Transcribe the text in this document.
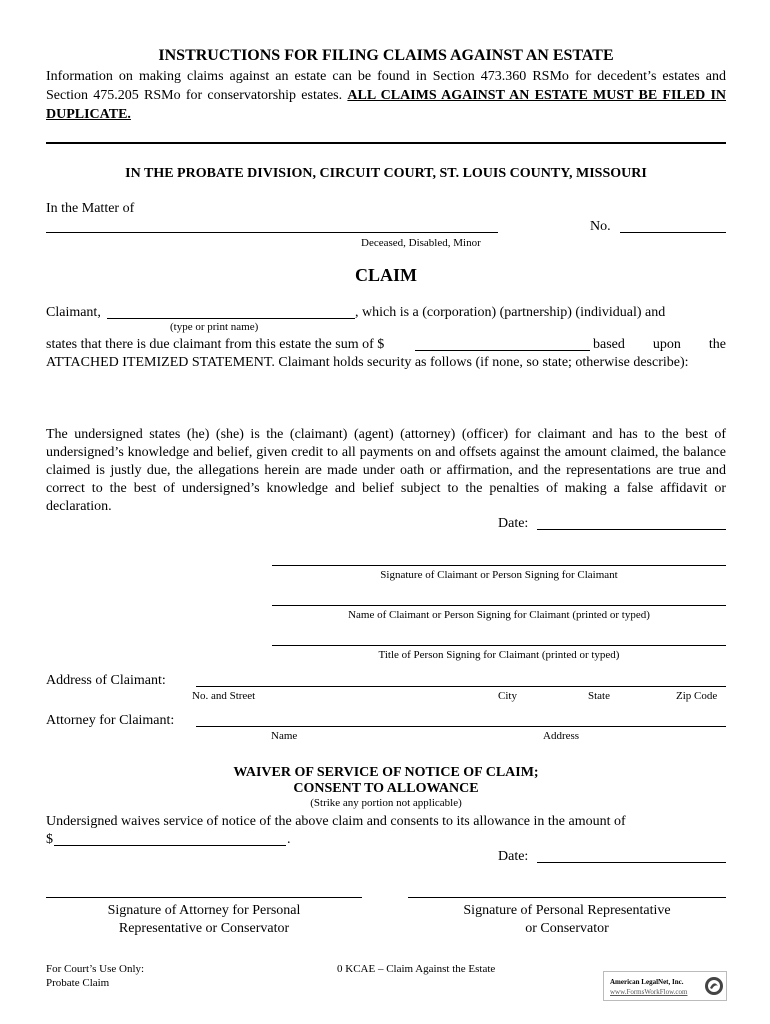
INSTRUCTIONS FOR FILING CLAIMS AGAINST AN ESTATE
Information on making claims against an estate can be found in Section 473.360 RSMo for decedent’s estates and Section 475.205 RSMo for conservatorship estates. ALL CLAIMS AGAINST AN ESTATE MUST BE FILED IN DUPLICATE.
IN THE PROBATE DIVISION, CIRCUIT COURT, ST. LOUIS COUNTY, MISSOURI
In the Matter of
No.
Deceased, Disabled, Minor
CLAIM
Claimant,	, which is a (corporation) (partnership) (individual) and
(type or print name)
states that there is due claimant from this estate the sum of $	based upon the
ATTACHED ITEMIZED STATEMENT. Claimant holds security as follows (if none, so state; otherwise describe):
The undersigned states (he) (she) is the (claimant) (agent) (attorney) (officer) for claimant and has to the best of undersigned’s knowledge and belief, given credit to all payments on and offsets against the amount claimed, the balance claimed is justly due, the allegations herein are made under oath or affirmation, and the representations are true and correct to the best of undersigned’s knowledge and belief subject to the penalties of making a false affidavit or declaration.
Date:
Signature of Claimant or Person Signing for Claimant
Name of Claimant or Person Signing for Claimant (printed or typed)
Title of Person Signing for Claimant (printed or typed)
Address of Claimant:
No. and Street	City	State	Zip Code
Attorney for Claimant:
Name	Address
WAIVER OF SERVICE OF NOTICE OF CLAIM;
CONSENT TO ALLOWANCE
(Strike any portion not applicable)
Undersigned waives service of notice of the above claim and consents to its allowance in the amount of
$	.
Date:
Signature of Attorney for Personal
Representative or Conservator
Signature of Personal Representative
or Conservator
For Court’s Use Only:
Probate Claim
0 KCAE – Claim Against the Estate
American LegalNet, Inc.
www.FormsWorkFlow.com
